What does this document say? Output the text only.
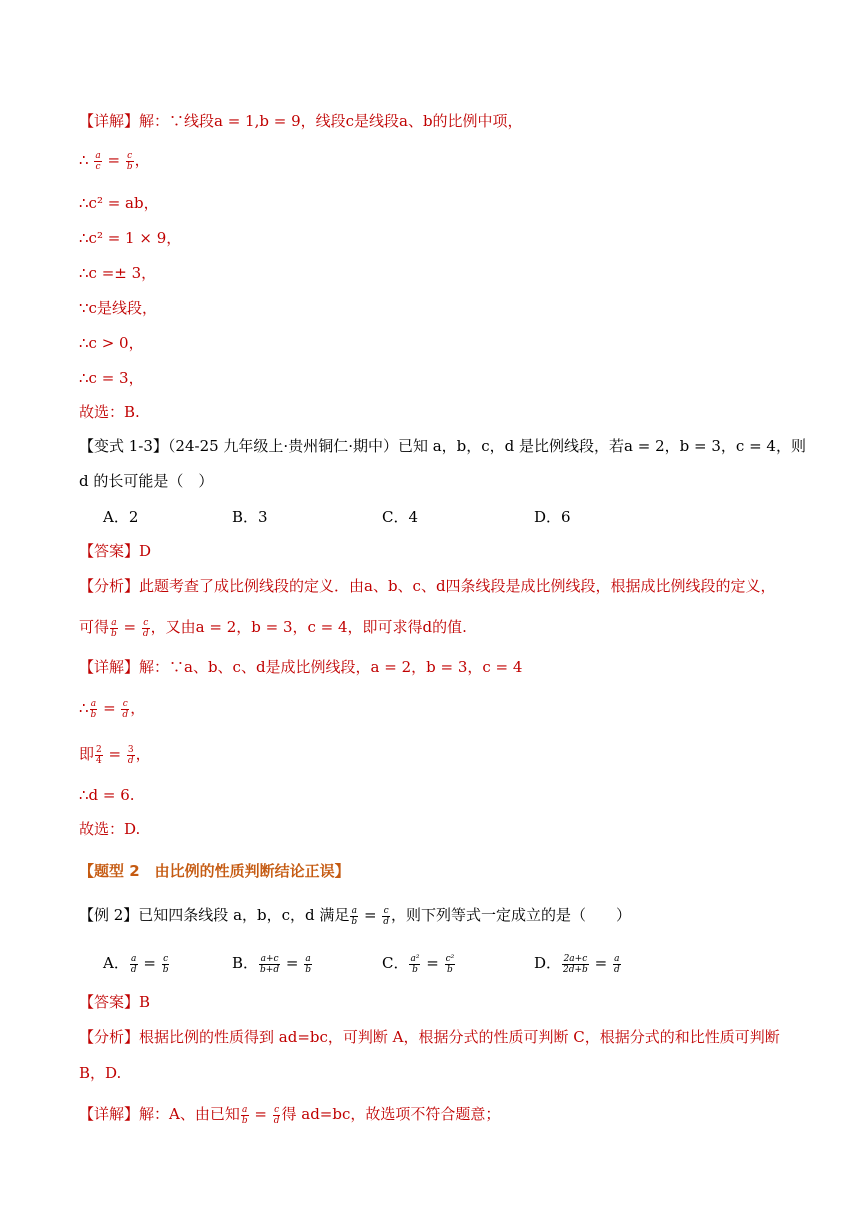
【详解】解：∵线段a = 1,b = 9，线段c是线段a、b的比例中项，
∴ $\frac{a}{c} = \frac{c}{b}$ ，
∴c² = ab，
∴c² = 1 × 9，
∴c =± 3，
∵c是线段，
∴c > 0，
∴c = 3，
故选：B.
【变式 1-3】（24-25 九年级上·贵州铜仁·期中）已知 a，b，c，d 是比例线段，若a = 2，b = 3，c = 4，则
d 的长可能是（　）
A．2	B．3	C．4	D．6
【答案】D
【分析】此题考查了成比例线段的定义．由a、b、c、d四条线段是成比例线段，根据成比例线段的定义，
可得 $\frac{a}{b} = \frac{c}{d}$ ，又由a = 2，b = 3，c = 4，即可求得d的值.
【详解】解：∵a、b、c、d是成比例线段，a = 2，b = 3，c = 4
∴ $\frac{a}{b} = \frac{c}{d}$ ，
即 $\frac{2}{4} = \frac{3}{d}$ ，
∴d = 6.
故选：D.
【题型 2　由比例的性质判断结论正误】
【例 2】已知四条线段 a，b，c，d 满足 $\frac{a}{b} = \frac{c}{d}$ ，则下列等式一定成立的是（　　）
A． $\frac{a}{d} = \frac{c}{b}$	B． $\frac{a+c}{b+d} = \frac{a}{b}$	C． $\frac{\text{a²}}{b} = \frac{\text{c²}}{b}$	D． $\frac{2a+c}{2d+b} = \frac{a}{d}$
【答案】B
【分析】根据比例的性质得到 ad=bc，可判断 A，根据分式的性质可判断 C，根据分式的和比性质可判断
B，D.
【详解】解：A、由已知 $\frac{a}{b} = \frac{c}{d}$ 得 ad=bc，故选项不符合题意；
